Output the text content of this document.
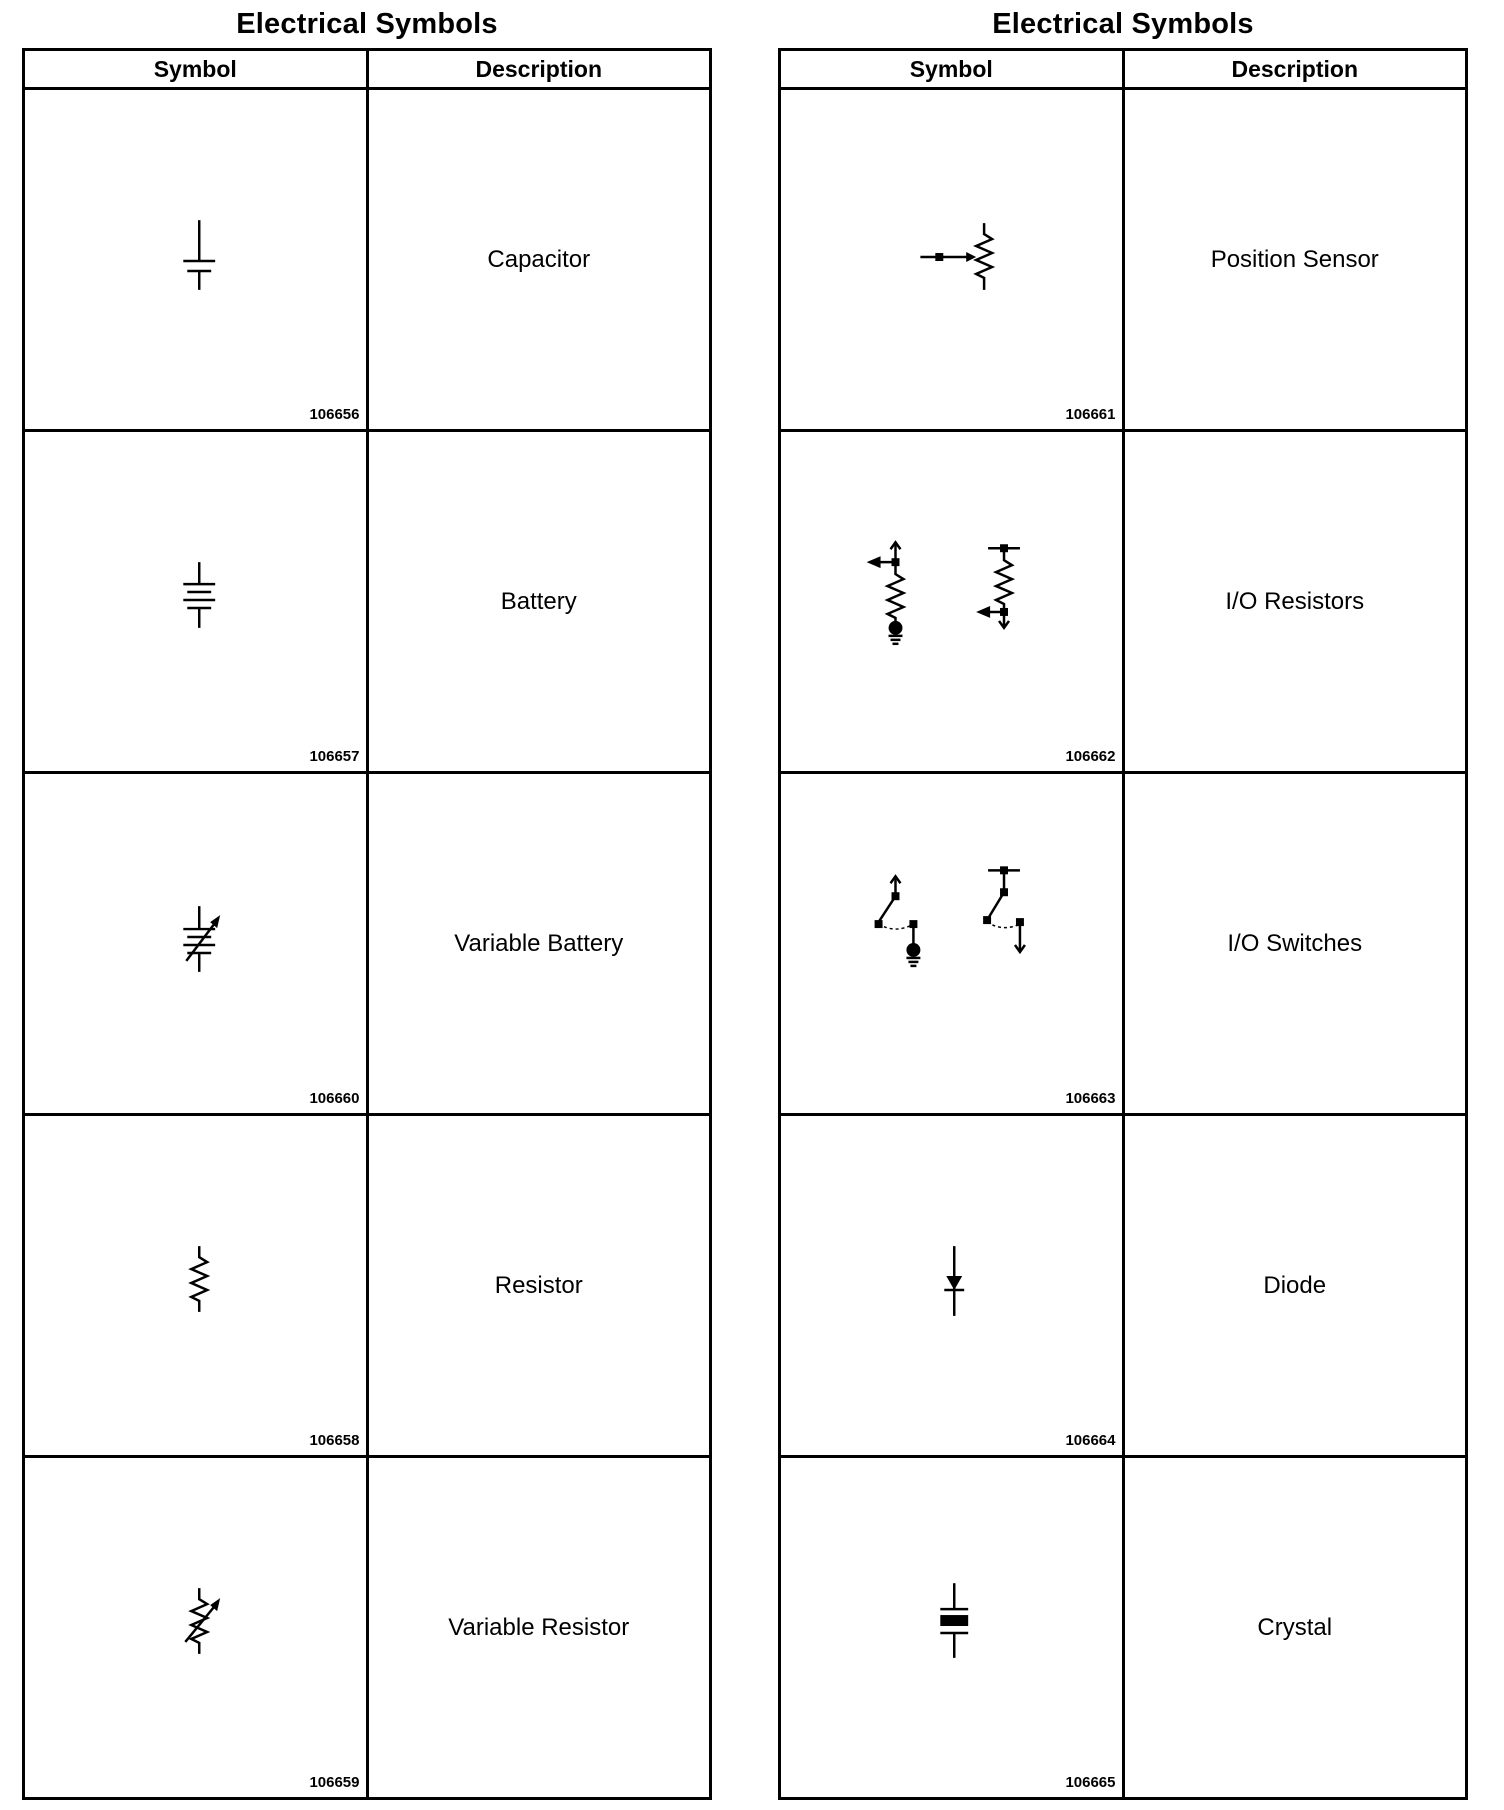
Electrical Symbols
Symbol	Description

106656	Capacitor

106657	Battery

106660	Variable Battery

106658	Resistor

106659	Variable Resistor
Electrical Symbols
Symbol	Description

106661	Position Sensor

106662	I/O Resistors

106663	I/O Switches

106664	Diode

106665	Crystal
